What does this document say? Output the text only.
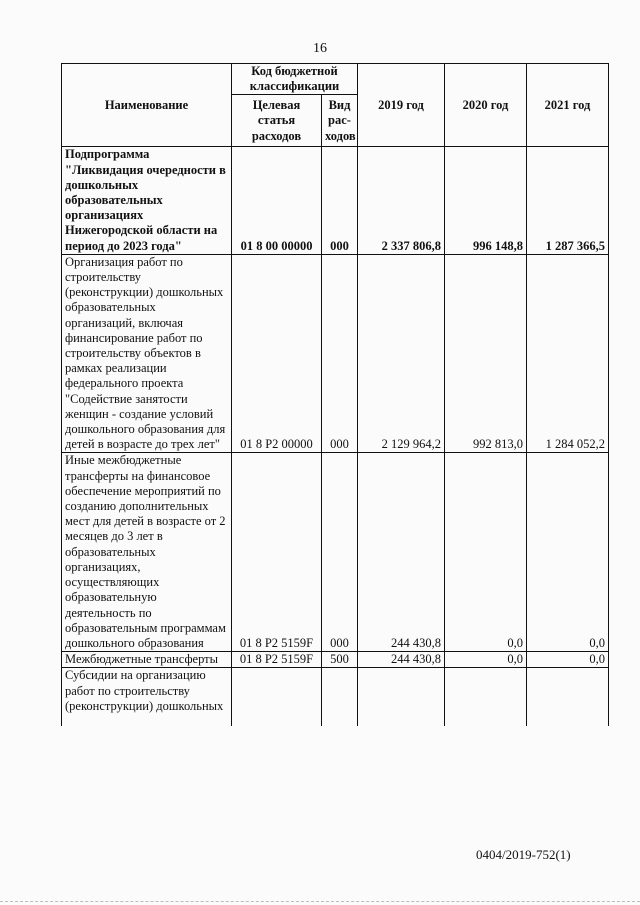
16
Наименование	Код бюджетной классификации		2019 год	2020 год	2021 год
	Целевая статья расходов	Вид рас-ходов			
Подпрограмма "Ликвидация очередности в дошкольных образовательных организациях Нижегородской области на период до 2023 года"	01 8 00 00000	000	2 337 806,8	996 148,8	1 287 366,5
Организация работ по строительству (реконструкции) дошкольных образовательных организаций, включая финансирование работ по строительству объектов в рамках реализации федерального проекта "Содействие занятости женщин - создание условий дошкольного образования для детей в возрасте до трех лет"	01 8 P2 00000	000	2 129 964,2	992 813,0	1 284 052,2
Иные межбюджетные трансферты на финансовое обеспечение мероприятий по созданию дополнительных мест для детей в возрасте от 2 месяцев до 3 лет в образовательных организациях, осуществляющих образовательную деятельность по образовательным программам дошкольного образования	01 8 P2 5159F	000	244 430,8	0,0	0,0
Межбюджетные трансферты	01 8 P2 5159F	500	244 430,8	0,0	0,0
Субсидии на организацию работ по строительству (реконструкции) дошкольных					
0404/2019-752(1)
